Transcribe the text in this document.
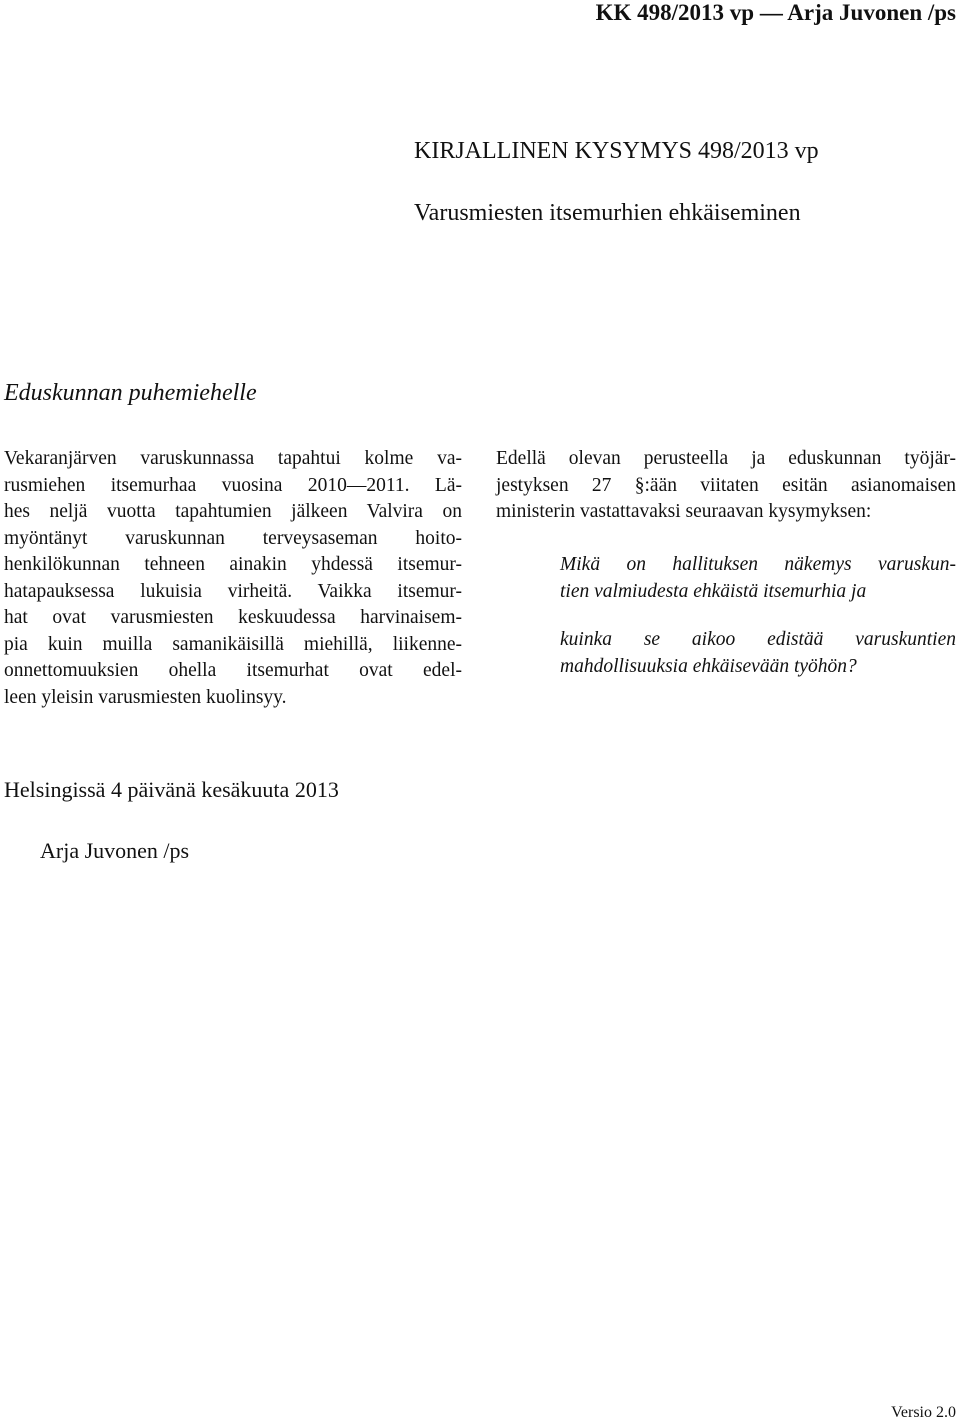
KK 498/2013 vp — Arja Juvonen /ps
KIRJALLINEN KYSYMYS 498/2013 vp
Varusmiesten itsemurhien ehkäiseminen
Eduskunnan puhemiehelle
Vekaranjärven varuskunnassa tapahtui kolme va-
rusmiehen itsemurhaa vuosina 2010—2011. Lä-
hes neljä vuotta tapahtumien jälkeen Valvira on
myöntänyt varuskunnan terveysaseman hoito-
henkilökunnan tehneen ainakin yhdessä itsemur-
hatapauksessa lukuisia virheitä. Vaikka itsemur-
hat ovat varusmiesten keskuudessa harvinaisem-
pia kuin muilla samanikäisillä miehillä, liikenne-
onnettomuuksien ohella itsemurhat ovat edel-
leen yleisin varusmiesten kuolinsyy.
Edellä olevan perusteella ja eduskunnan työjär-
jestyksen 27 §:ään viitaten esitän asianomaisen
ministerin vastattavaksi seuraavan kysymyksen:
Mikä on hallituksen näkemys varuskun-
tien valmiudesta ehkäistä itsemurhia ja
kuinka se aikoo edistää varuskuntien
mahdollisuuksia ehkäisevään työhön?
Helsingissä 4 päivänä kesäkuuta 2013
Arja Juvonen /ps
Versio 2.0
